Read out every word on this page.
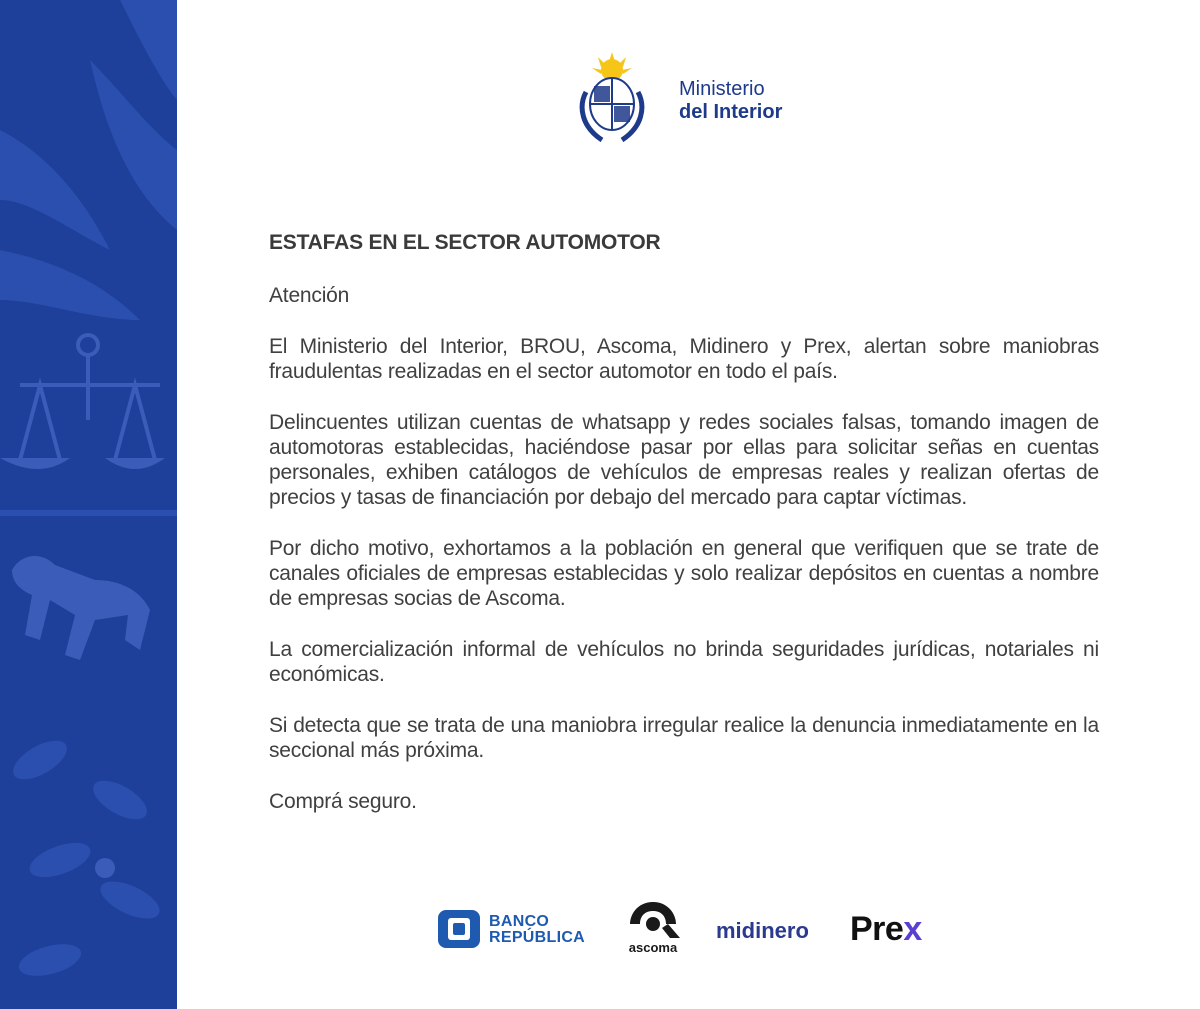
Ministerio
del Interior
ESTAFAS EN EL SECTOR AUTOMOTOR

Atención

El Ministerio del Interior, BROU, Ascoma, Midinero y Prex, alertan sobre maniobras fraudulentas realizadas en el sector automotor en todo el país.

Delincuentes utilizan cuentas de whatsapp y redes sociales falsas, tomando imagen de automotoras establecidas, haciéndose pasar por ellas para solicitar señas en cuentas personales, exhiben catálogos de vehículos de empresas reales y realizan ofertas de precios y tasas de financiación por debajo del mercado para captar víctimas.

Por dicho motivo, exhortamos a la población en general que verifiquen que se trate de canales oficiales de empresas establecidas y solo realizar depósitos en cuentas a nombre de empresas socias de Ascoma.

La comercialización informal de vehículos no brinda seguridades jurídicas, notariales ni económicas.

Si detecta que se trata de una maniobra irregular realice la denuncia inmediatamente en la seccional más próxima.

Comprá seguro.

BANCO
REPÚBLICA
ascoma
midinero Prex
